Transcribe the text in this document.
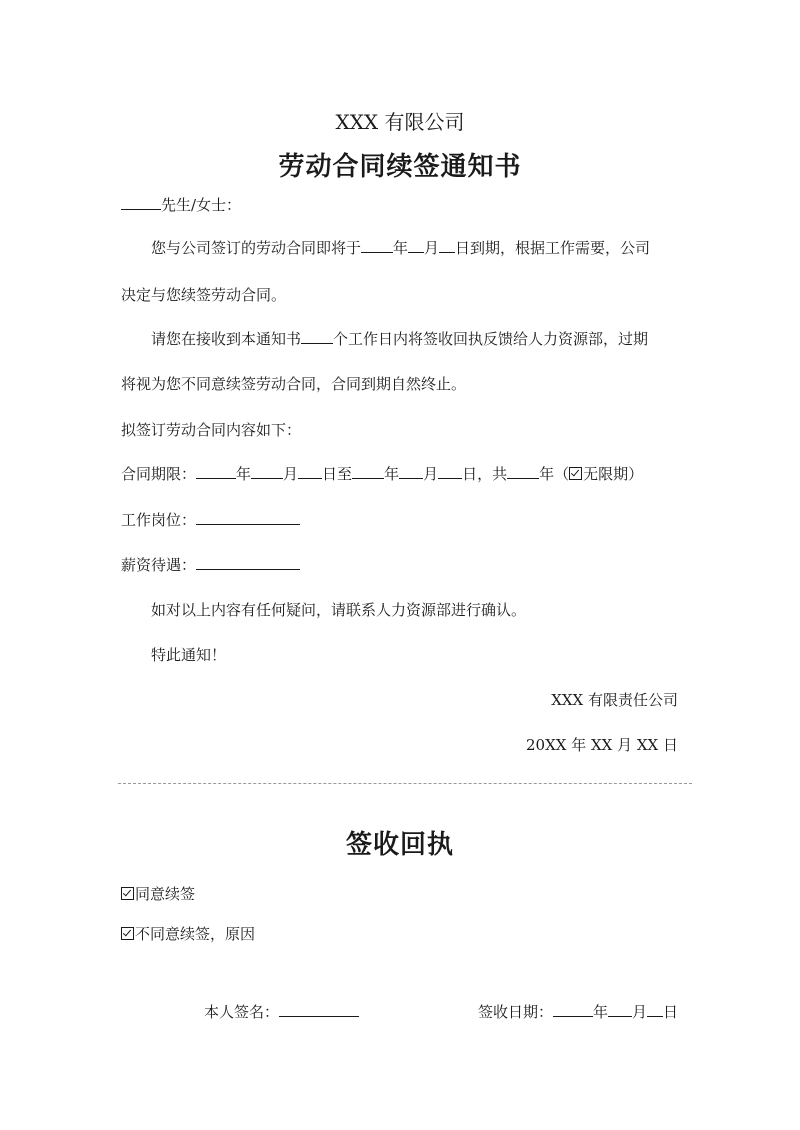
XXX 有限公司
劳动合同续签通知书
先生/女士：
您与公司签订的劳动合同即将于 年 月 日到期，根据工作需要，公司
决定与您续签劳动合同。
请您在接收到本通知书 个工作日内将签收回执反馈给人力资源部，过期
将视为您不同意续签劳动合同，合同到期自然终止。
拟签订劳动合同内容如下：
合同期限：	年 月 日至 年 月 日，共 年（ 无限期）
工作岗位：
薪资待遇：
如对以上内容有任何疑问，请联系人力资源部进行确认。
特此通知！
XXX 有限责任公司
20XX 年 XX 月 XX 日
签收回执
同意续签
不同意续签，原因
本人签名：	签收日期：	年 月 日
